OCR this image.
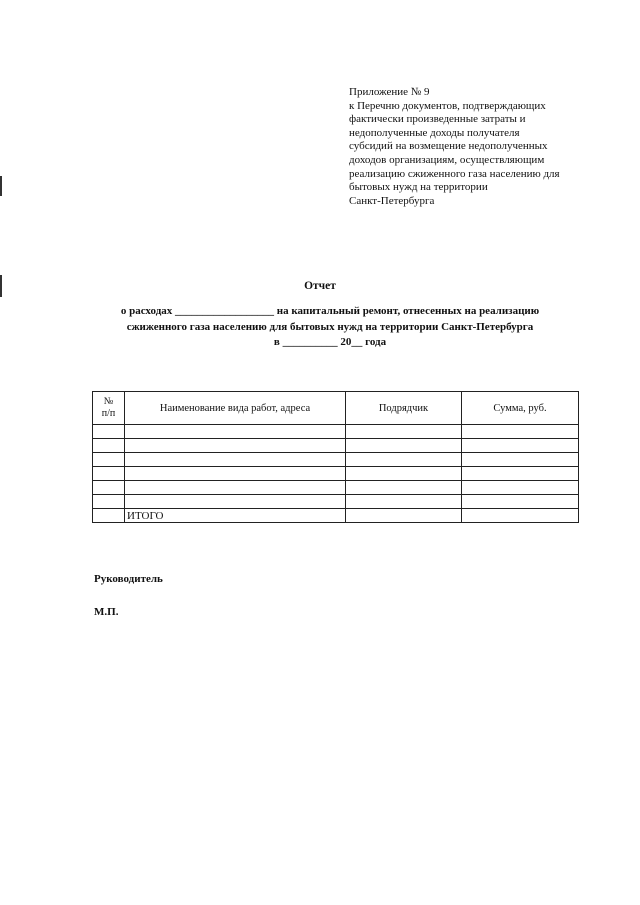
Приложение № 9
к Перечню документов, подтверждающих
фактически произведенные затраты и
недополученные доходы получателя
субсидий на возмещение недополученных
доходов организациям, осуществляющим
реализацию сжиженного газа населению для
бытовых нужд на территории
Санкт-Петербурга
Отчет
о расходах __________________ на капитальный ремонт, отнесенных на реализацию
сжиженного газа населению для бытовых нужд на территории Санкт-Петербурга
в __________ 20__ года
№
п/п	Наименование вида работ, адреса	Подрядчик	Сумма, руб.

	ИТОГО		
Руководитель
М.П.
